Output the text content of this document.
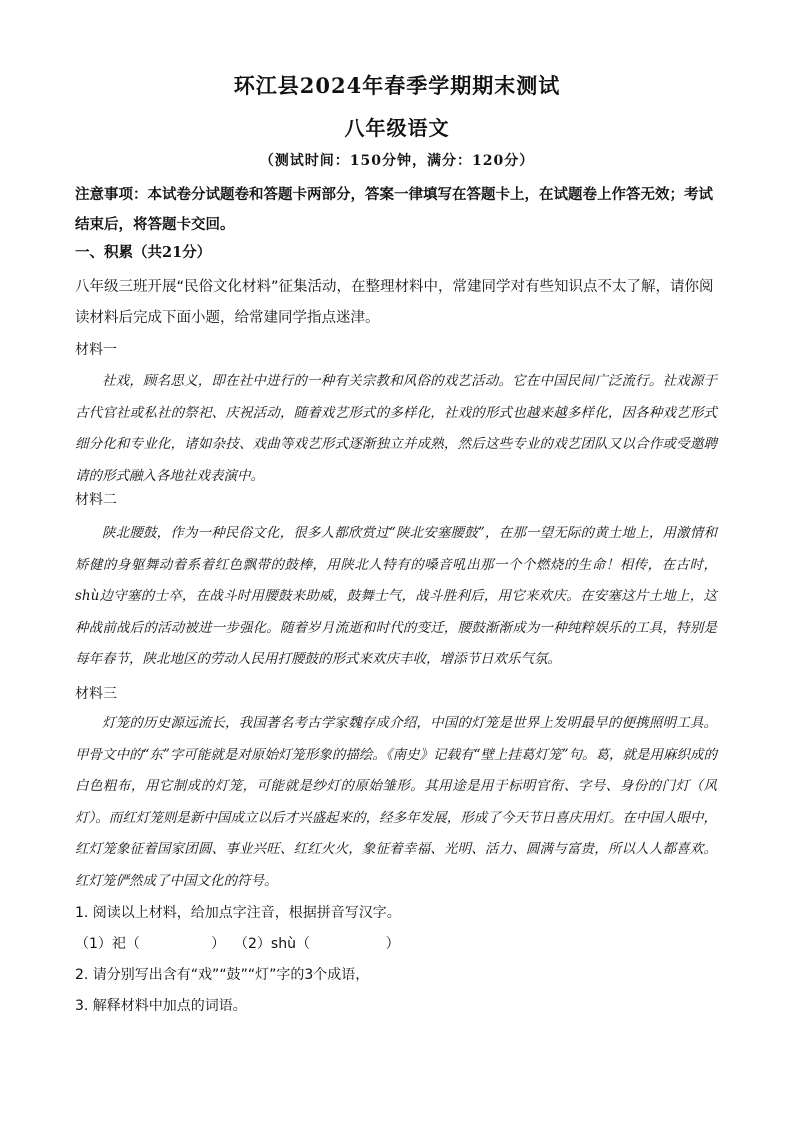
环江县2024年春季学期期末测试
八年级语文
（测试时间：150分钟，满分：120分）
注意事项：本试卷分试题卷和答题卡两部分，答案一律填写在答题卡上，在试题卷上作答无效；考试结束后，将答题卡交回。
一、积累（共21分）
八年级三班开展“民俗文化材料”征集活动，在整理材料中，常建同学对有些知识点不太了解，请你阅读材料后完成下面小题，给常建同学指点迷津。
材料一
社戏，顾名思义，即在社中进行的一种有关宗教和风俗的戏艺活动。它在中国民间广泛流行。社戏源于古代官社或私社的祭祀、庆祝活动，随着戏艺形式的多样化，社戏的形式也越来越多样化，因各种戏艺形式细分化和专业化，诸如杂技、戏曲等戏艺形式逐渐独立并成熟，然后这些专业的戏艺团队又以合作或受邀聘请的形式融入各地社戏表演中。
材料二
陕北腰鼓，作为一种民俗文化，很多人都欣赏过“陕北安塞腰鼓”，在那一望无际的黄土地上，用激情和矫健的身躯舞动着系着红色飘带的鼓棒，用陕北人特有的嗓音吼出那一个个燃烧的生命！相传，在古时，shù边守塞的士卒，在战斗时用腰鼓来助威，鼓舞士气，战斗胜利后，用它来欢庆。在安塞这片土地上，这种战前战后的活动被进一步强化。随着岁月流逝和时代的变迁，腰鼓渐渐成为一种纯粹娱乐的工具，特别是每年春节，陕北地区的劳动人民用打腰鼓的形式来欢庆丰收，增添节日欢乐气氛。
材料三
灯笼的历史源远流长，我国著名考古学家魏存成介绍，中国的灯笼是世界上发明最早的便携照明工具。甲骨文中的“东”字可能就是对原始灯笼形象的描绘。《南史》记载有“壁上挂葛灯笼”句。葛，就是用麻织成的白色粗布，用它制成的灯笼，可能就是纱灯的原始雏形。其用途是用于标明官衔、字号、身份的门灯（风灯）。而红灯笼则是新中国成立以后才兴盛起来的，经多年发展，形成了今天节日喜庆用灯。在中国人眼中，红灯笼象征着国家团圆、事业兴旺、红红火火，象征着幸福、光明、活力、圆满与富贵，所以人人都喜欢。红灯笼俨然成了中国文化的符号。
1. 阅读以上材料，给加点字注音，根据拼音写汉字。
（1）祀（                ）  （2）shù（                 ）
2. 请分别写出含有“戏”“鼓”“灯”字的3个成语，
3. 解释材料中加点的词语。
